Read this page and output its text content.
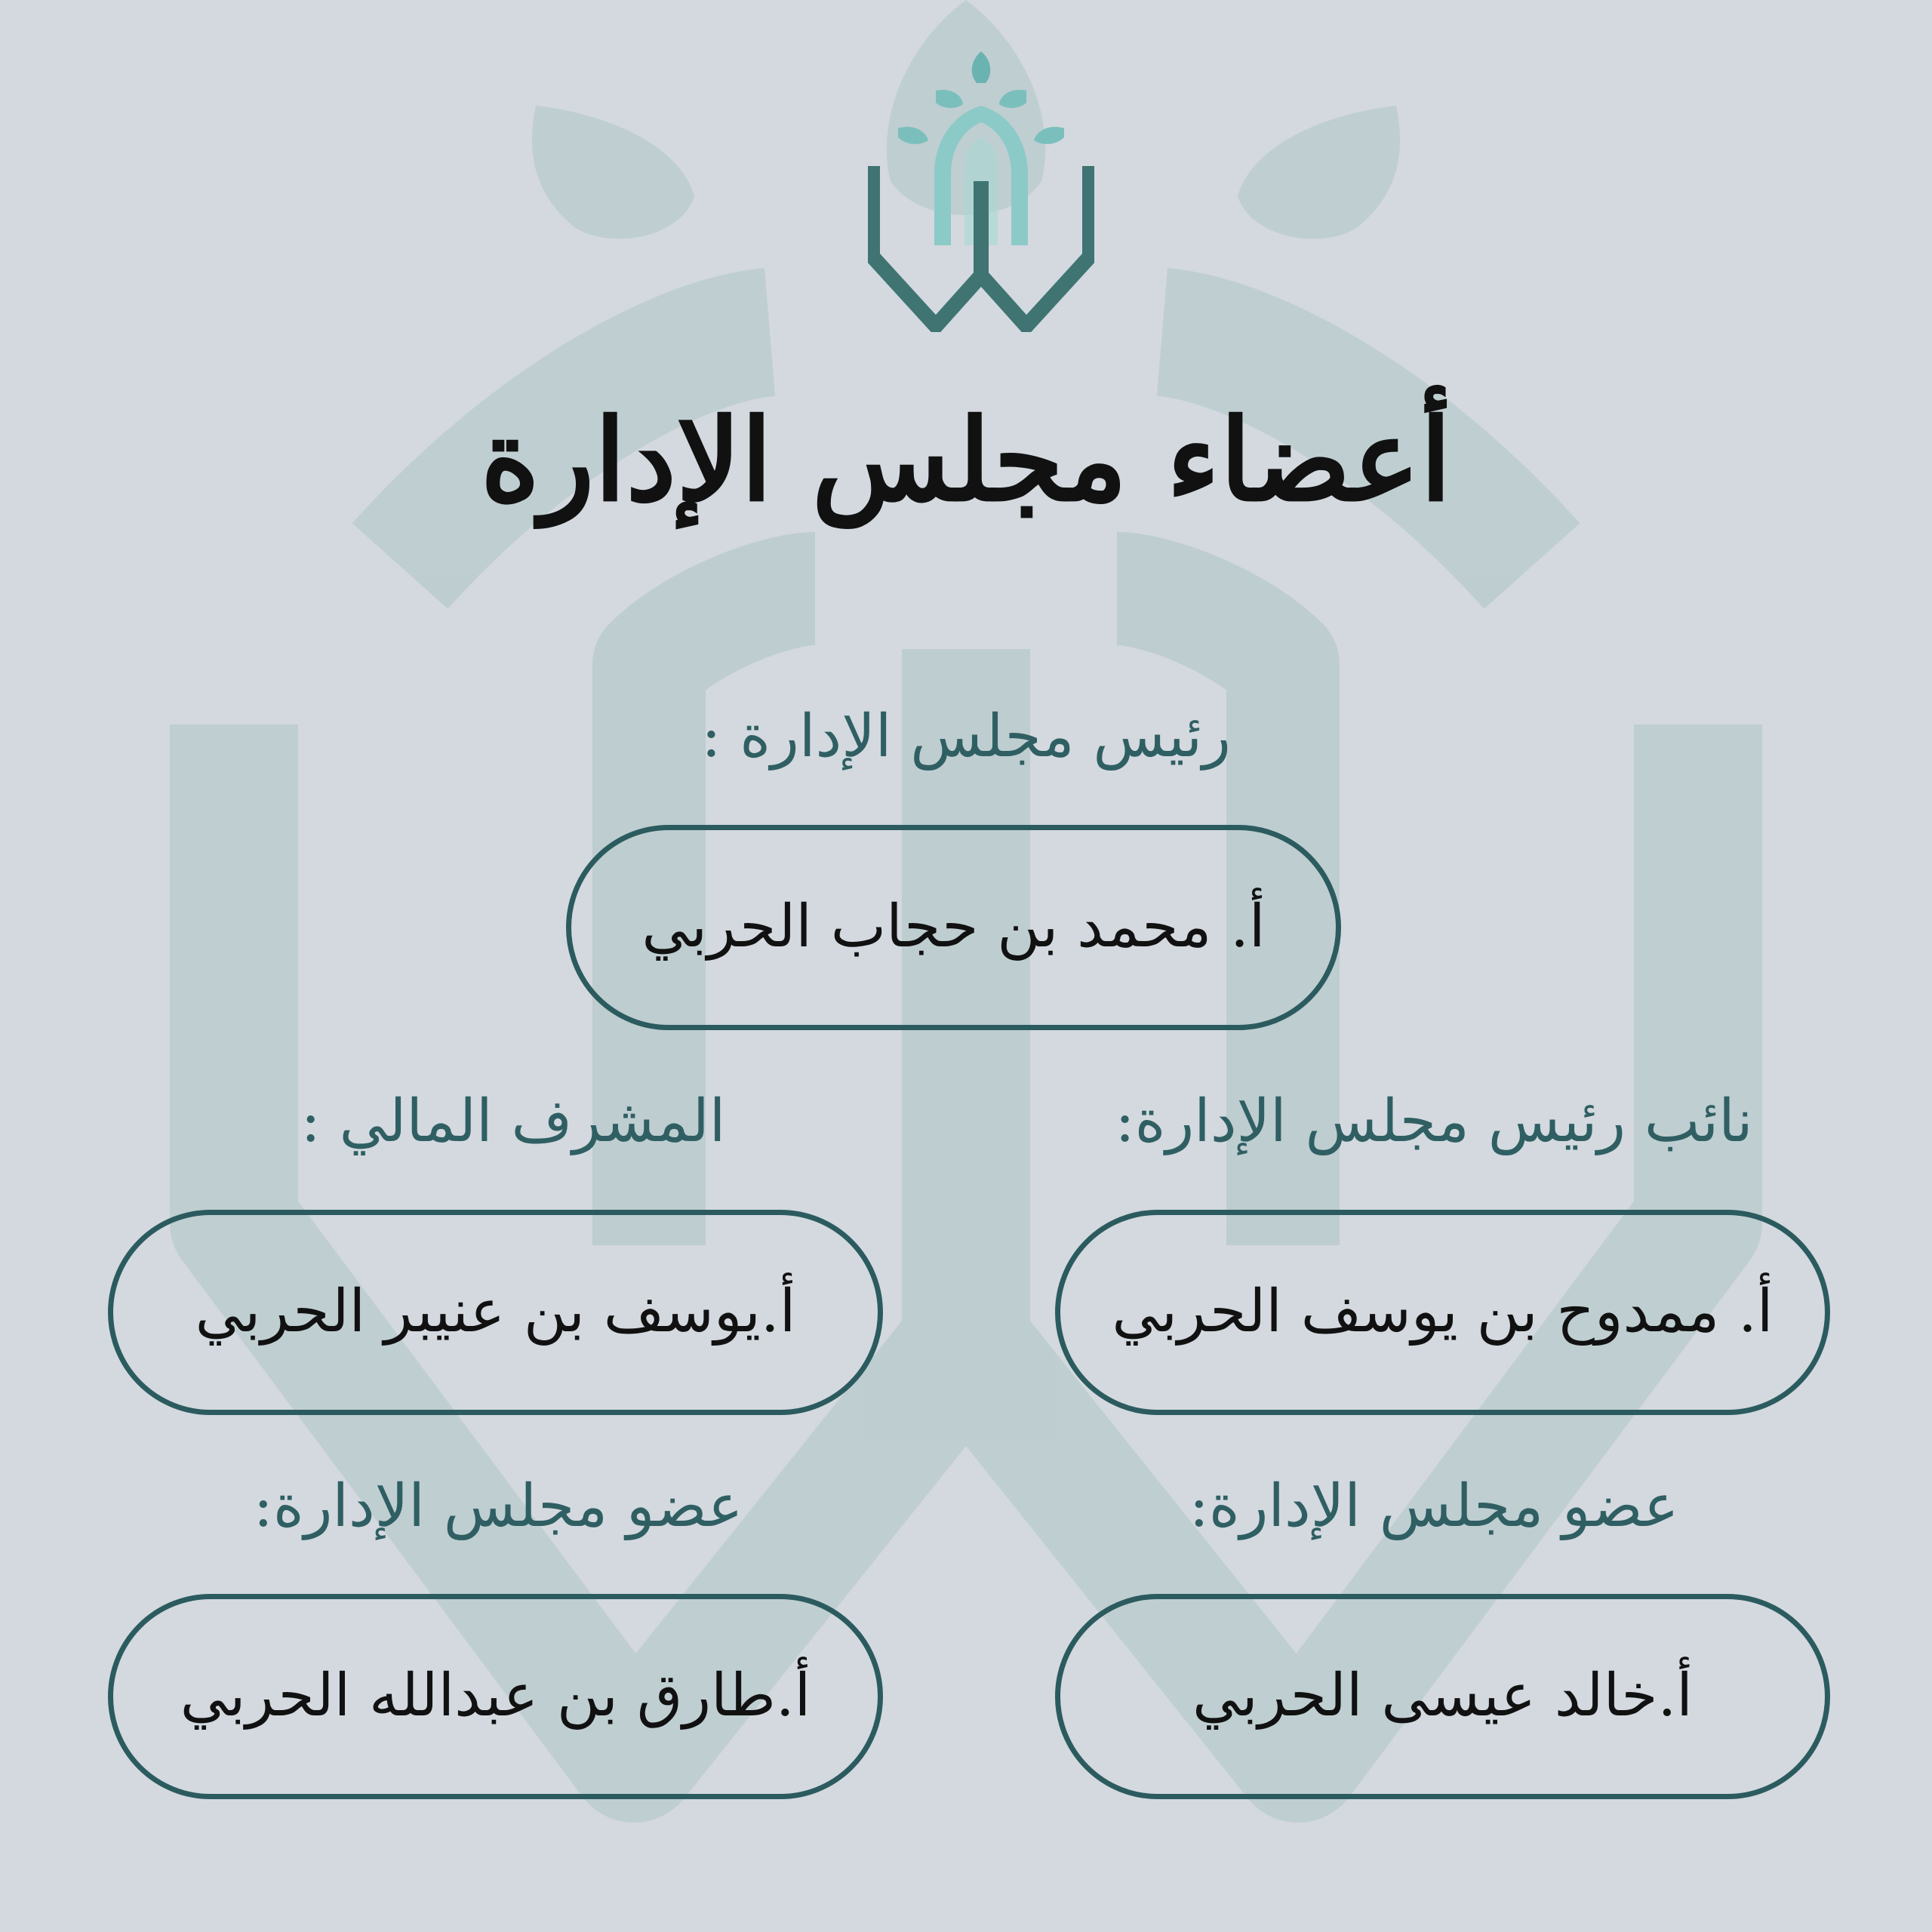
أعضاء مجلس الإدارة
رئيس مجلس الإدارة :
أ. محمد بن حجاب الحربي
نائب رئيس مجلس الإدارة:
أ. ممدوح بن يوسف الحربي
المشرف المالي :
أ.يوسف بن عنيبر الحربي
عضو مجلس الإدارة:
أ.خالد عيسى الحربي
عضو مجلس الإدارة:
أ.طارق بن عبدالله الحربي
